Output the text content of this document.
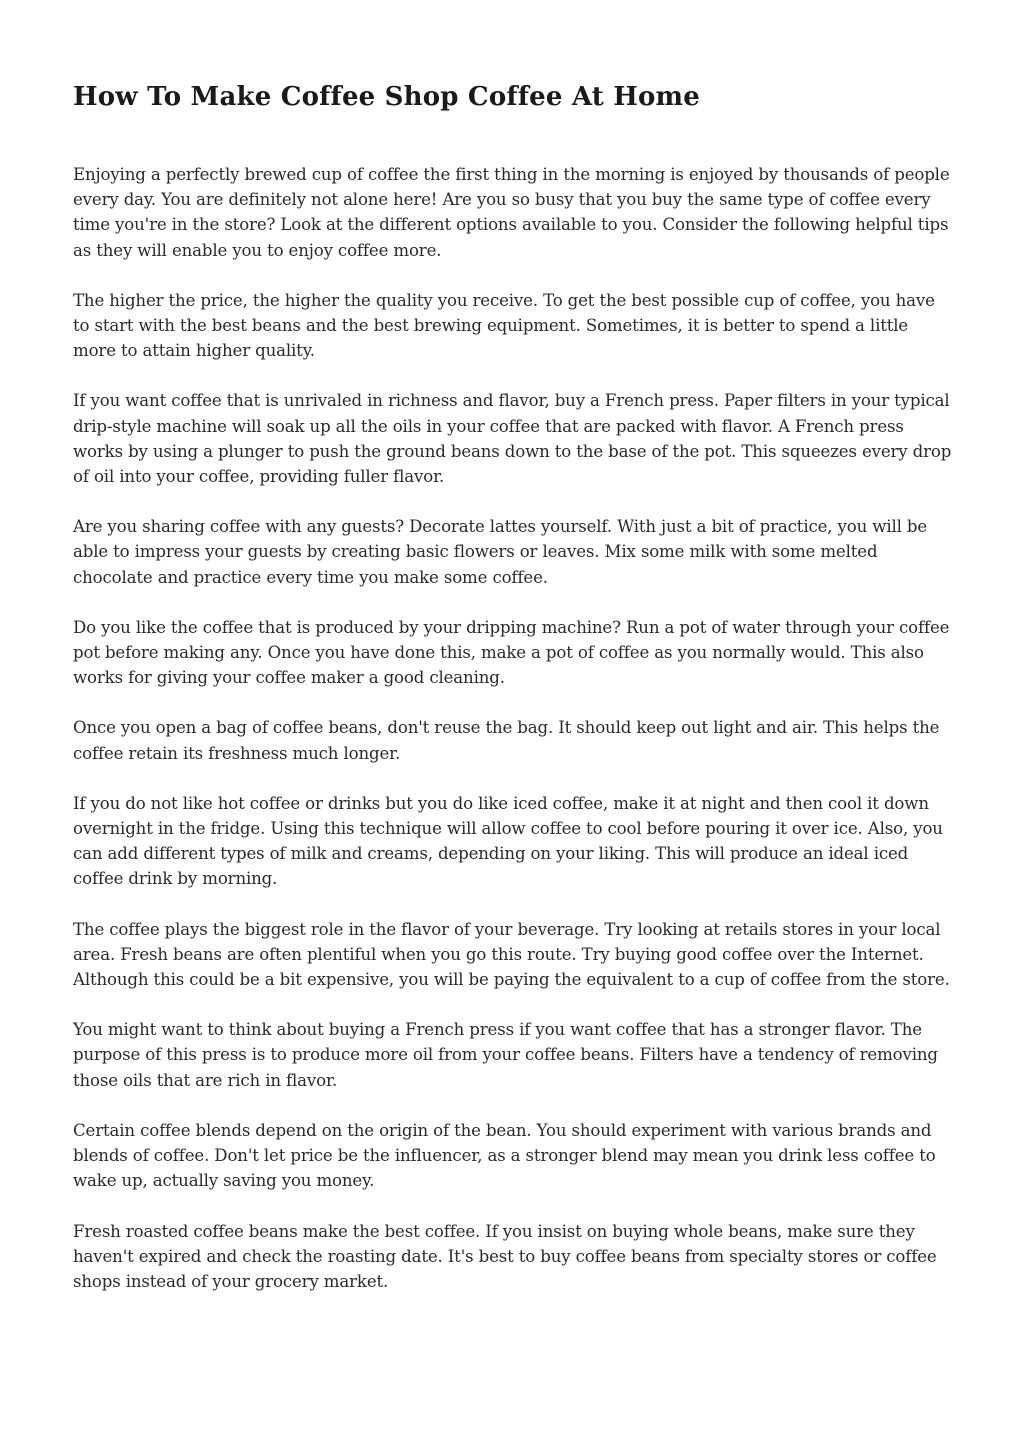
How To Make Coffee Shop Coffee At Home

Enjoying a perfectly brewed cup of coffee the first thing in the morning is enjoyed by thousands of people every day. You are definitely not alone here! Are you so busy that you buy the same type of coffee every time you're in the store? Look at the different options available to you. Consider the following helpful tips as they will enable you to enjoy coffee more.

The higher the price, the higher the quality you receive. To get the best possible cup of coffee, you have to start with the best beans and the best brewing equipment. Sometimes, it is better to spend a little more to attain higher quality.

If you want coffee that is unrivaled in richness and flavor, buy a French press. Paper filters in your typical drip-style machine will soak up all the oils in your coffee that are packed with flavor. A French press works by using a plunger to push the ground beans down to the base of the pot. This squeezes every drop of oil into your coffee, providing fuller flavor.

Are you sharing coffee with any guests? Decorate lattes yourself. With just a bit of practice, you will be able to impress your guests by creating basic flowers or leaves. Mix some milk with some melted chocolate and practice every time you make some coffee.

Do you like the coffee that is produced by your dripping machine? Run a pot of water through your coffee pot before making any. Once you have done this, make a pot of coffee as you normally would. This also works for giving your coffee maker a good cleaning.

Once you open a bag of coffee beans, don't reuse the bag. It should keep out light and air. This helps the coffee retain its freshness much longer.

If you do not like hot coffee or drinks but you do like iced coffee, make it at night and then cool it down overnight in the fridge. Using this technique will allow coffee to cool before pouring it over ice. Also, you can add different types of milk and creams, depending on your liking. This will produce an ideal iced coffee drink by morning.

The coffee plays the biggest role in the flavor of your beverage. Try looking at retails stores in your local area. Fresh beans are often plentiful when you go this route. Try buying good coffee over the Internet. Although this could be a bit expensive, you will be paying the equivalent to a cup of coffee from the store.

You might want to think about buying a French press if you want coffee that has a stronger flavor. The purpose of this press is to produce more oil from your coffee beans. Filters have a tendency of removing those oils that are rich in flavor.

Certain coffee blends depend on the origin of the bean. You should experiment with various brands and blends of coffee. Don't let price be the influencer, as a stronger blend may mean you drink less coffee to wake up, actually saving you money.

Fresh roasted coffee beans make the best coffee. If you insist on buying whole beans, make sure they haven't expired and check the roasting date. It's best to buy coffee beans from specialty stores or coffee shops instead of your grocery market.
